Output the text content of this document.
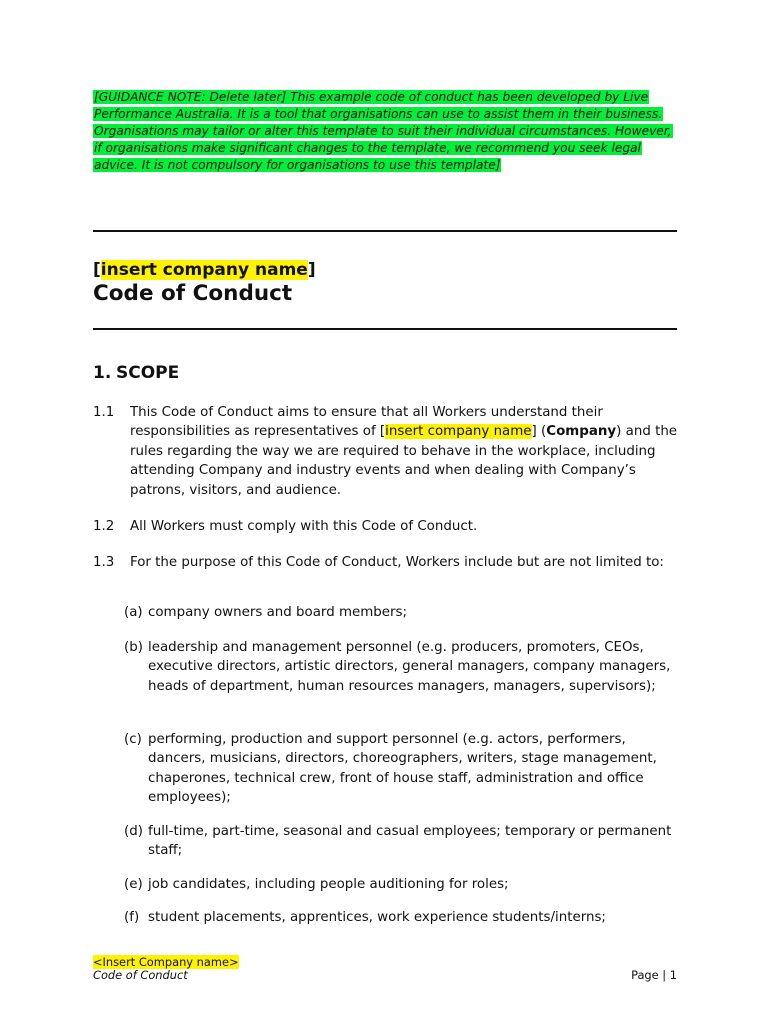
[GUIDANCE NOTE: Delete later] This example code of conduct has been developed by Live Performance Australia. It is a tool that organisations can use to assist them in their business. Organisations may tailor or alter this template to suit their individual circumstances. However, if organisations make significant changes to the template, we recommend you seek legal advice. It is not compulsory for organisations to use this template]
[insert company name]
Code of Conduct
1. SCOPE
1.1 This Code of Conduct aims to ensure that all Workers understand their responsibilities as representatives of [insert company name] (Company) and the rules regarding the way we are required to behave in the workplace, including attending Company and industry events and when dealing with Company’s patrons, visitors, and audience.
1.2 All Workers must comply with this Code of Conduct.
1.3 For the purpose of this Code of Conduct, Workers include but are not limited to:
(a) company owners and board members;
(b) leadership and management personnel (e.g. producers, promoters, CEOs, executive directors, artistic directors, general managers, company managers, heads of department, human resources managers, managers, supervisors);
(c) performing, production and support personnel (e.g. actors, performers, dancers, musicians, directors, choreographers, writers, stage management, chaperones, technical crew, front of house staff, administration and office employees);
(d) full-time, part-time, seasonal and casual employees; temporary or permanent staff;
(e) job candidates, including people auditioning for roles;
(f) student placements, apprentices, work experience students/interns;
<Insert Company name>
Code of Conduct	Page | 1
